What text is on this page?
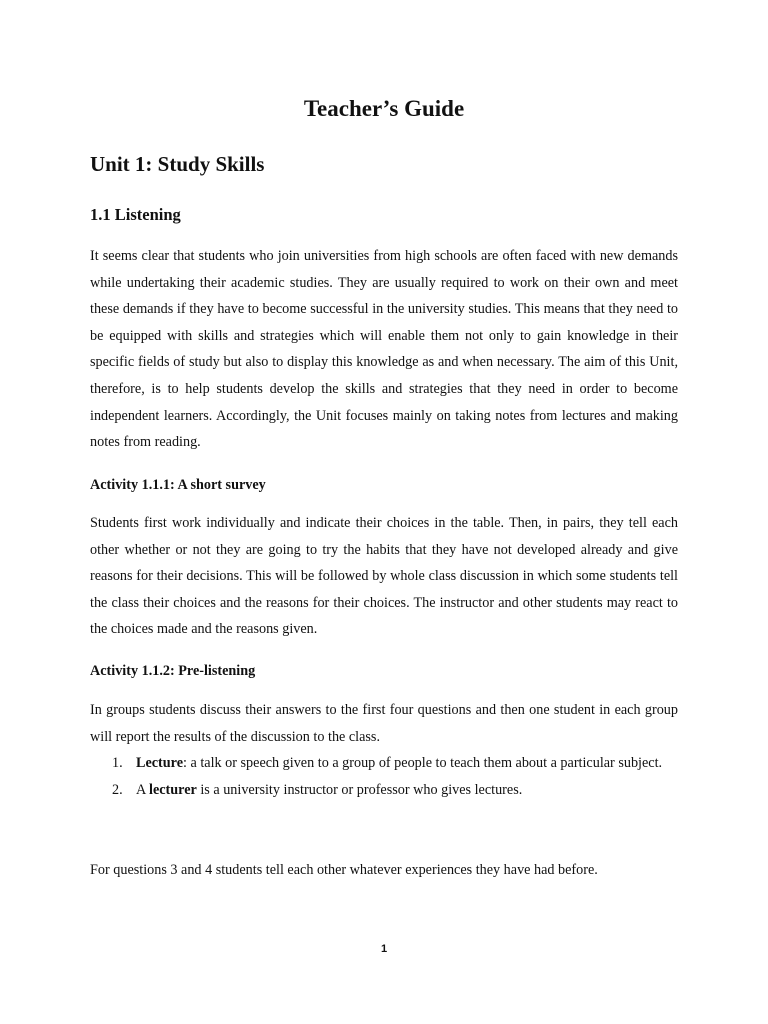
Teacher’s Guide
Unit 1: Study Skills
1.1 Listening

It seems clear that students who join universities from high schools are often faced with new demands while undertaking their academic studies. They are usually required to work on their own and meet these demands if they have to become successful in the university studies. This means that they need to be equipped with skills and strategies which will enable them not only to gain knowledge in their specific fields of study but also to display this knowledge as and when necessary. The aim of this Unit, therefore, is to help students develop the skills and strategies that they need in order to become independent learners. Accordingly, the Unit focuses mainly on taking notes from lectures and making notes from reading.

Activity 1.1.1: A short survey

Students first work individually and indicate their choices in the table. Then, in pairs, they tell each other whether or not they are going to try the habits that they have not developed already and give reasons for their decisions. This will be followed by whole class discussion in which some students tell the class their choices and the reasons for their choices. The instructor and other students may react to the choices made and the reasons given.

Activity 1.1.2: Pre-listening

In groups students discuss their answers to the first four questions and then one student in each group will report the results of the discussion to the class.

1. Lecture: a talk or speech given to a group of people to teach them about a particular subject.
2. A lecturer is a university instructor or professor who gives lectures.

For questions 3 and 4 students tell each other whatever experiences they have had before.

1
